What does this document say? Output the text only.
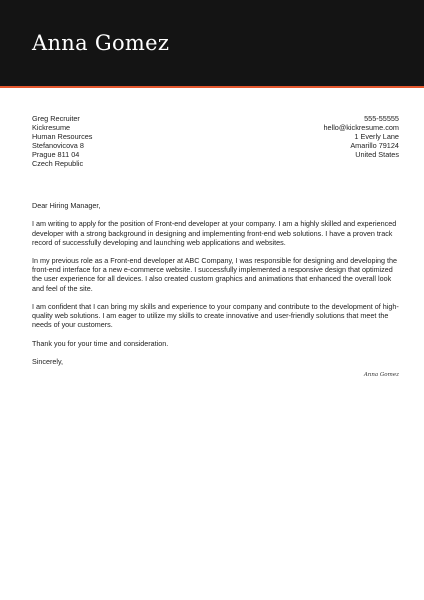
Anna Gomez
Greg Recruiter
Kickresume
Human Resources
Stefanovicova 8
Prague 811 04
Czech Republic
555-55555
hello@kickresume.com
1 Everly Lane
Amarillo 79124
United States

Dear Hiring Manager,

I am writing to apply for the position of Front-end developer at your company. I am a highly skilled and experienced developer with a strong background in designing and implementing front-end web solutions. I have a proven track record of successfully developing and launching web applications and websites.

In my previous role as a Front-end developer at ABC Company, I was responsible for designing and developing the front-end interface for a new e-commerce website. I successfully implemented a responsive design that optimized the user experience for all devices. I also created custom graphics and animations that enhanced the overall look and feel of the site.

I am confident that I can bring my skills and experience to your company and contribute to the development of high-quality web solutions. I am eager to utilize my skills to create innovative and user-friendly solutions that meet the needs of your customers.

Thank you for your time and consideration.

Sincerely,

Anna Gomez
